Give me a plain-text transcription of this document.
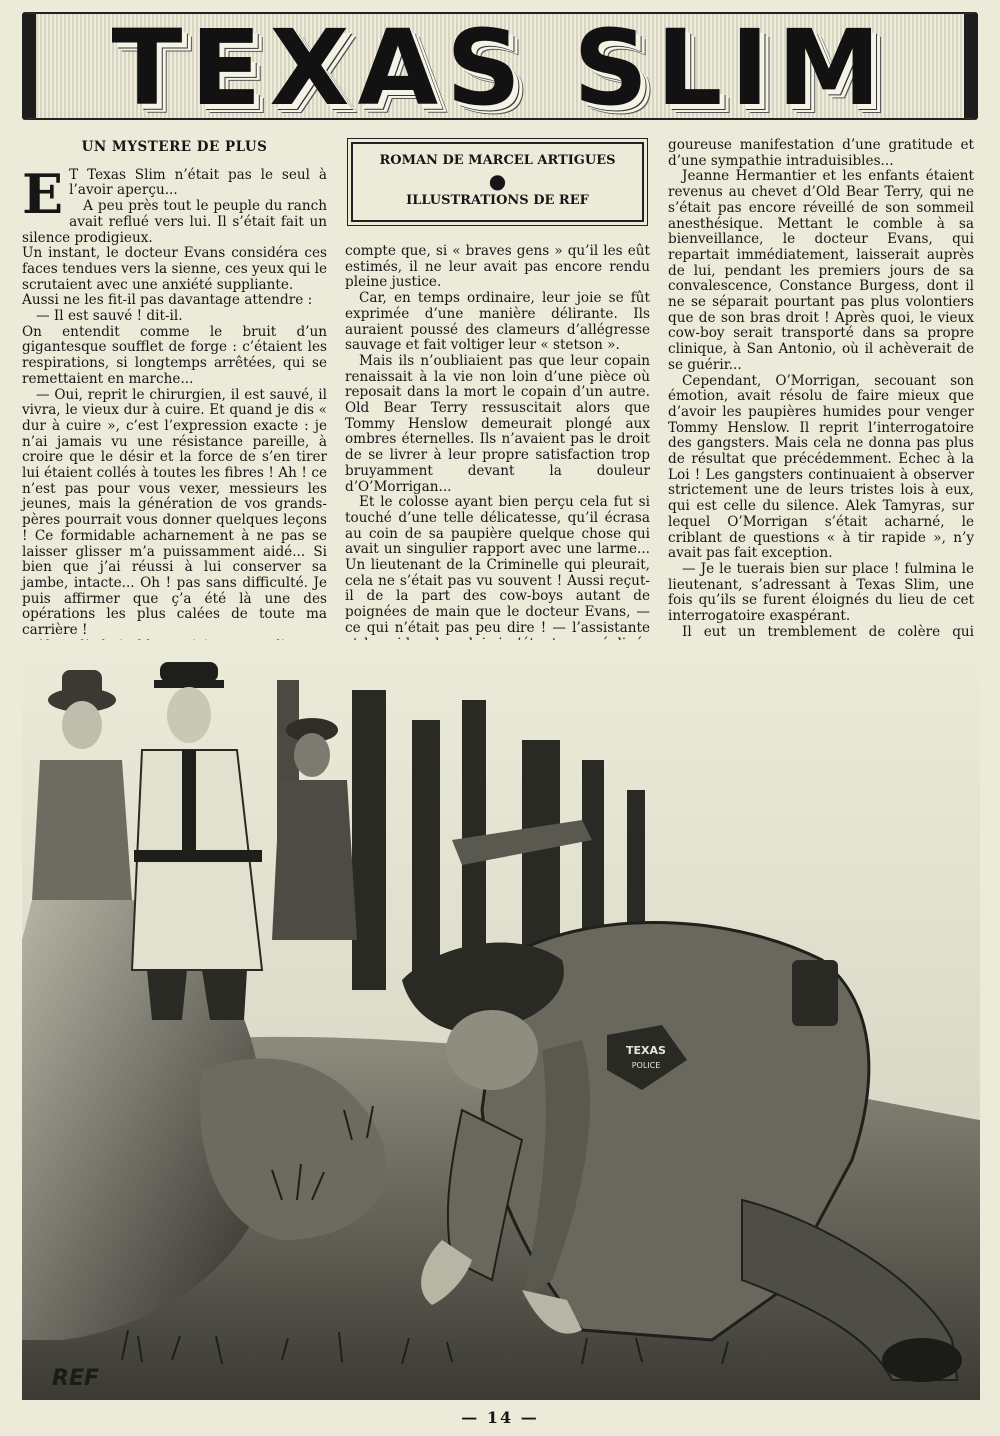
TEXAS SLIM
UN MYSTERE DE PLUS

E T Texas Slim n’était pas le seul à l’avoir aperçu...

A peu près tout le peuple du ranch avait reflué vers lui. Il s’était fait un silence prodigieux.

Un instant, le docteur Evans considéra ces faces tendues vers la sienne, ces yeux qui le scrutaient avec une anxiété suppliante.

Aussi ne les fit-il pas davantage attendre :

— Il est sauvé ! dit-il.

On entendit comme le bruit d’un gigantesque soufflet de forge : c’étaient les respirations, si longtemps arrêtées, qui se remettaient en marche...

— Oui, reprit le chirurgien, il est sauvé, il vivra, le vieux dur à cuire. Et quand je dis « dur à cuire », c’est l’expression exacte : je n’ai jamais vu une résistance pareille, à croire que le désir et la force de s’en tirer lui étaient collés à toutes les fibres ! Ah ! ce n’est pas pour vous vexer, messieurs les jeunes, mais la génération de vos grands-pères pourrait vous donner quelques leçons ! Ce formidable acharnement à ne pas se laisser glisser m’a puissamment aidé... Si bien que j’ai réussi à lui conserver sa jambe, intacte... Oh ! pas sans difficulté. Je puis affirmer que ç’a été là une des opérations les plus calées de toute ma carrière !

ROMAN DE MARCEL ARTIGUES
●
ILLUSTRATIONS DE REF

compte que, si « braves gens » qu’il les eût estimés, il ne leur avait pas encore rendu pleine justice.

Car, en temps ordinaire, leur joie se fût exprimée d’une manière délirante. Ils auraient poussé des clameurs d’allégresse sauvage et fait voltiger leur « stetson ».

Mais ils n’oubliaient pas que leur copain renaissait à la vie non loin d’une pièce où reposait dans la mort le copain d’un autre. Old Bear Terry ressuscitait alors que Tommy Henslow demeurait plongé aux ombres éternelles. Ils n’avaient pas le droit de se livrer à leur propre satisfaction trop bruyamment devant la douleur d’O’Morrigan...

Et le colosse ayant bien perçu cela fut si touché d’une telle délicatesse, qu’il écrasa au coin de sa paupière quelque chose qui avait un singulier rapport avec une larme... Un lieutenant de la Criminelle qui pleurait, cela ne s’était pas vu souvent ! Aussi reçut-il de la part des cow-boys autant de poignées de main que le docteur Evans, — ce qui n’était pas peu dire ! — l’assistante

goureuse manifestation d’une gratitude et d’une sympathie intraduisibles...

Jeanne Hermantier et les enfants étaient revenus au chevet d’Old Bear Terry, qui ne s’était pas encore réveillé de son sommeil anesthésique. Mettant le comble à sa bienveillance, le docteur Evans, qui repartait immédiatement, laisserait auprès de lui, pendant les premiers jours de sa convalescence, Constance Burgess, dont il ne se séparait pourtant pas plus volontiers que de son bras droit ! Après quoi, le vieux cow-boy serait transporté dans sa propre clinique, à San Antonio, où il achèverait de se guérir...

Cependant, O’Morrigan, secouant son émotion, avait résolu de faire mieux que d’avoir les paupières humides pour venger Tommy Henslow. Il reprit l’interrogatoire des gangsters. Mais cela ne donna pas plus de résultat que précédemment. Echec à la Loi ! Les gangsters continuaient à observer strictement une de leurs tristes lois à eux, qui est celle du silence. Alek Tamyras, sur lequel O’Morrigan s’était acharné, le criblant de questions « à tir rapide », n’y avait pas fait exception.

— Je le tuerais bien sur place ! fulmina le lieutenant, s’adressant à Texas Slim, une fois qu’ils se furent éloignés du lieu de cet interrogatoire exaspérant.

Il eut un tremblement de colère qui

TEXAS
POLICE
REF
— 14 —
